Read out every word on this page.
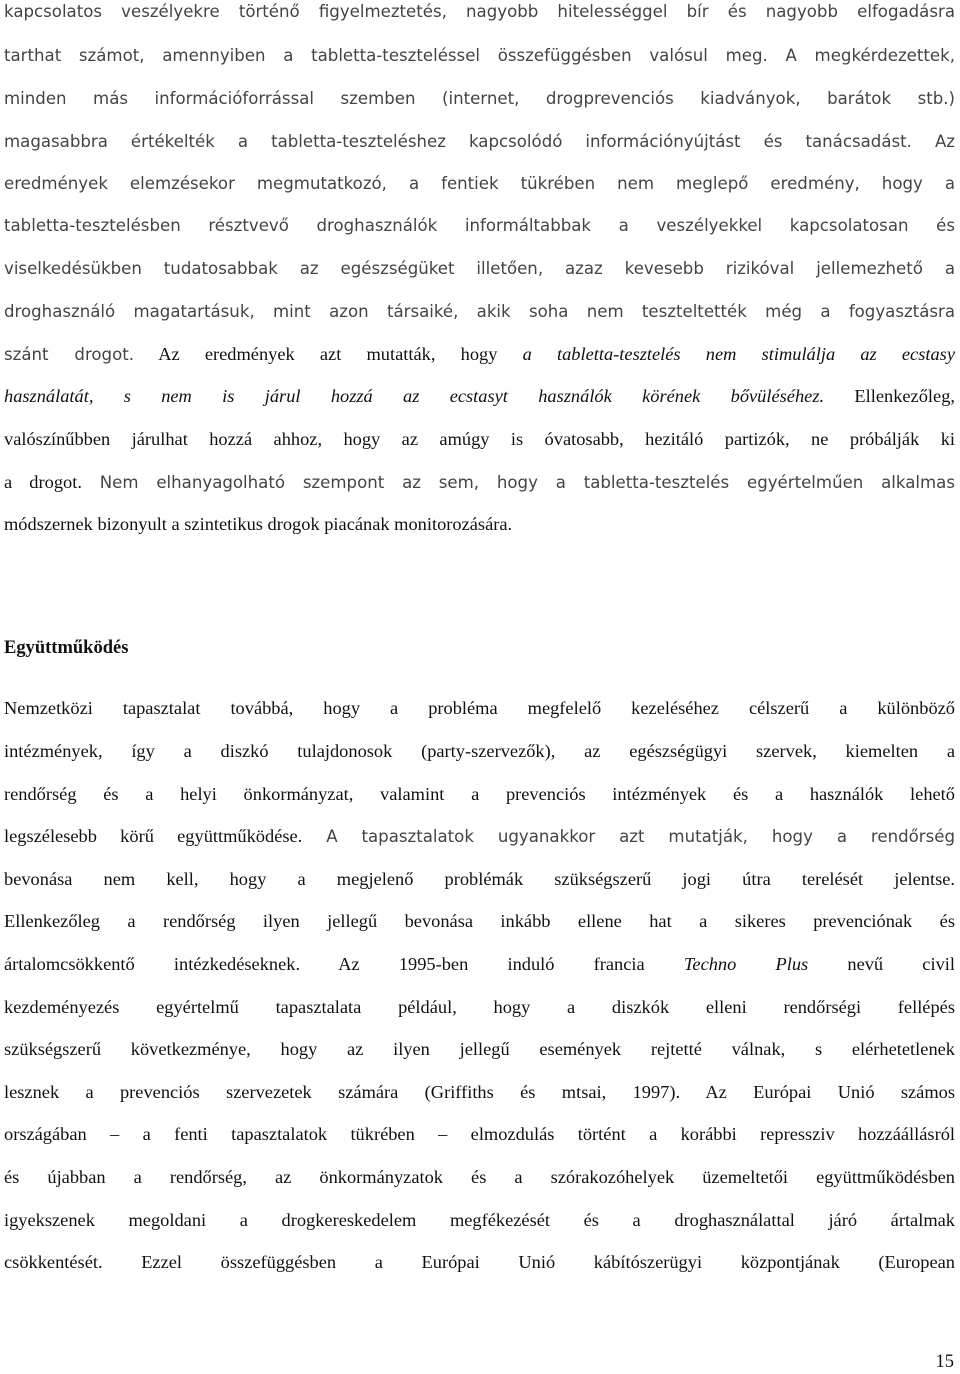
kapcsolatos veszélyekre történő figyelmeztetés, nagyobb hitelességgel bír és nagyobb elfogadásra
tarthat számot, amennyiben a tabletta-teszteléssel összefüggésben valósul meg. A megkérdezettek,
minden más információforrással szemben (internet, drogprevenciós kiadványok, barátok stb.)
magasabbra értékelték a tabletta-teszteléshez kapcsolódó információnyújtást és tanácsadást. Az
eredmények elemzésekor megmutatkozó, a fentiek tükrében nem meglepő eredmény, hogy a
tabletta-tesztelésben résztvevő droghasználók informáltabbak a veszélyekkel kapcsolatosan és
viselkedésükben tudatosabbak az egészségüket illetően, azaz kevesebb rizikóval jellemezhető a
droghasználó magatartásuk, mint azon társaiké, akik soha nem teszteltették még a fogyasztásra
szánt drogot. Az eredmények azt mutatták, hogy a tabletta-tesztelés nem stimulálja az ecstasy
használatát, s nem is járul hozzá az ecstasyt használók körének bővüléséhez. Ellenkezőleg,
valószínűbben járulhat hozzá ahhoz, hogy az amúgy is óvatosabb, hezitáló partizók, ne próbálják ki
a drogot. Nem elhanyagolható szempont az sem, hogy a tabletta-tesztelés egyértelműen alkalmas
módszernek bizonyult a szintetikus drogok piacának monitorozására.
Együttműködés
Nemzetközi tapasztalat továbbá, hogy a probléma megfelelő kezeléséhez célszerű a különböző
intézmények, így a diszkó tulajdonosok (party-szervezők), az egészségügyi szervek, kiemelten a
rendőrség és a helyi önkormányzat, valamint a prevenciós intézmények és a használók lehető
legszélesebb körű együttműködése. A tapasztalatok ugyanakkor azt mutatják, hogy a rendőrség
bevonása nem kell, hogy a megjelenő problémák szükségszerű jogi útra terelését jelentse.
Ellenkezőleg a rendőrség ilyen jellegű bevonása inkább ellene hat a sikeres prevenciónak és
ártalomcsökkentő intézkedéseknek. Az 1995-ben induló francia Techno Plus nevű civil
kezdeményezés egyértelmű tapasztalata például, hogy a diszkók elleni rendőrségi fellépés
szükségszerű következménye, hogy az ilyen jellegű események rejtetté válnak, s elérhetetlenek
lesznek a prevenciós szervezetek számára (Griffiths és mtsai, 1997). Az Európai Unió számos
országában – a fenti tapasztalatok tükrében – elmozdulás történt a korábbi repressziv hozzáállásról
és újabban a rendőrség, az önkormányzatok és a szórakozóhelyek üzemeltetői együttműködésben
igyekszenek megoldani a drogkereskedelem megfékezését és a droghasználattal járó ártalmak
csökkentését. Ezzel összefüggésben a Európai Unió kábítószerügyi központjának (European
15
